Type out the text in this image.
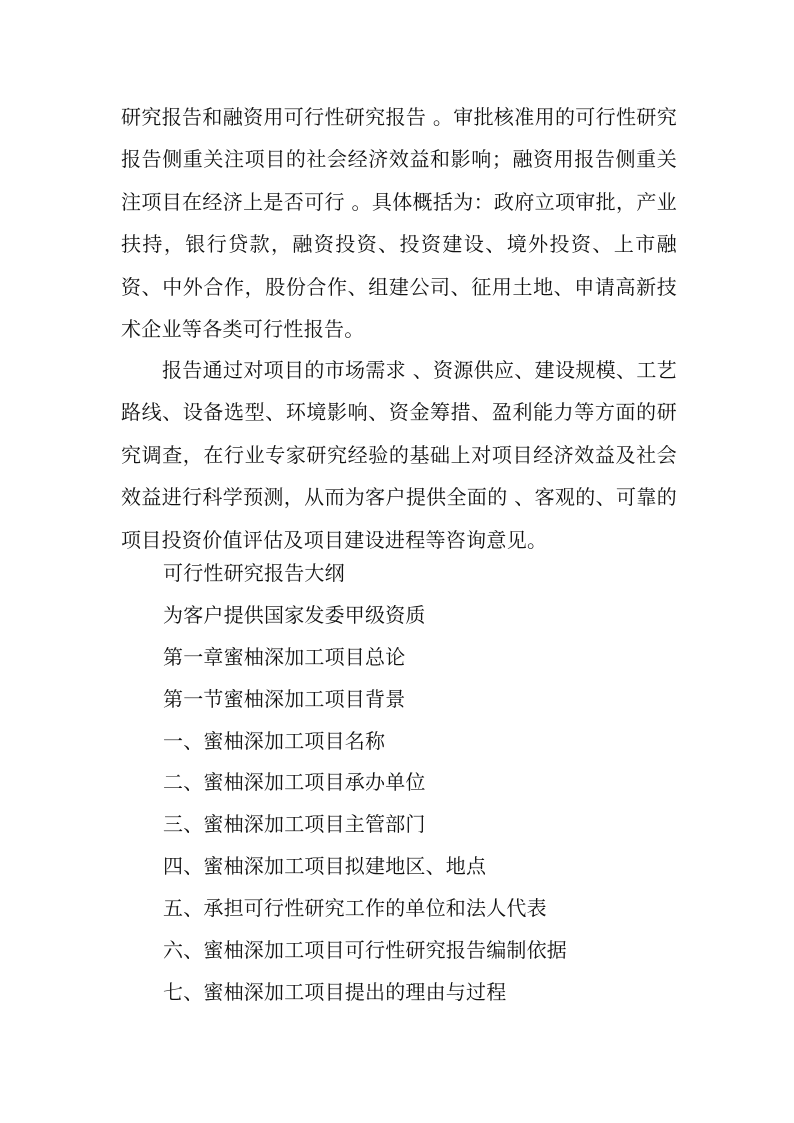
研究报告和融资用可行性研究报告 。审批核准用的可行性研究报告侧重关注项目的社会经济效益和影响；融资用报告侧重关注项目在经济上是否可行 。具体概括为：政府立项审批，产业扶持，银行贷款，融资投资、投资建设、境外投资、上市融资、中外合作，股份合作、组建公司、征用土地、申请高新技术企业等各类可行性报告。

报告通过对项目的市场需求 、资源供应、建设规模、工艺路线、设备选型、环境影响、资金筹措、盈利能力等方面的研究调查，在行业专家研究经验的基础上对项目经济效益及社会效益进行科学预测，从而为客户提供全面的 、客观的、可靠的项目投资价值评估及项目建设进程等咨询意见。

可行性研究报告大纲
为客户提供国家发委甲级资质
第一章蜜柚深加工项目总论
第一节蜜柚深加工项目背景
一、蜜柚深加工项目名称
二、蜜柚深加工项目承办单位
三、蜜柚深加工项目主管部门
四、蜜柚深加工项目拟建地区、地点
五、承担可行性研究工作的单位和法人代表
六、蜜柚深加工项目可行性研究报告编制依据
七、蜜柚深加工项目提出的理由与过程
